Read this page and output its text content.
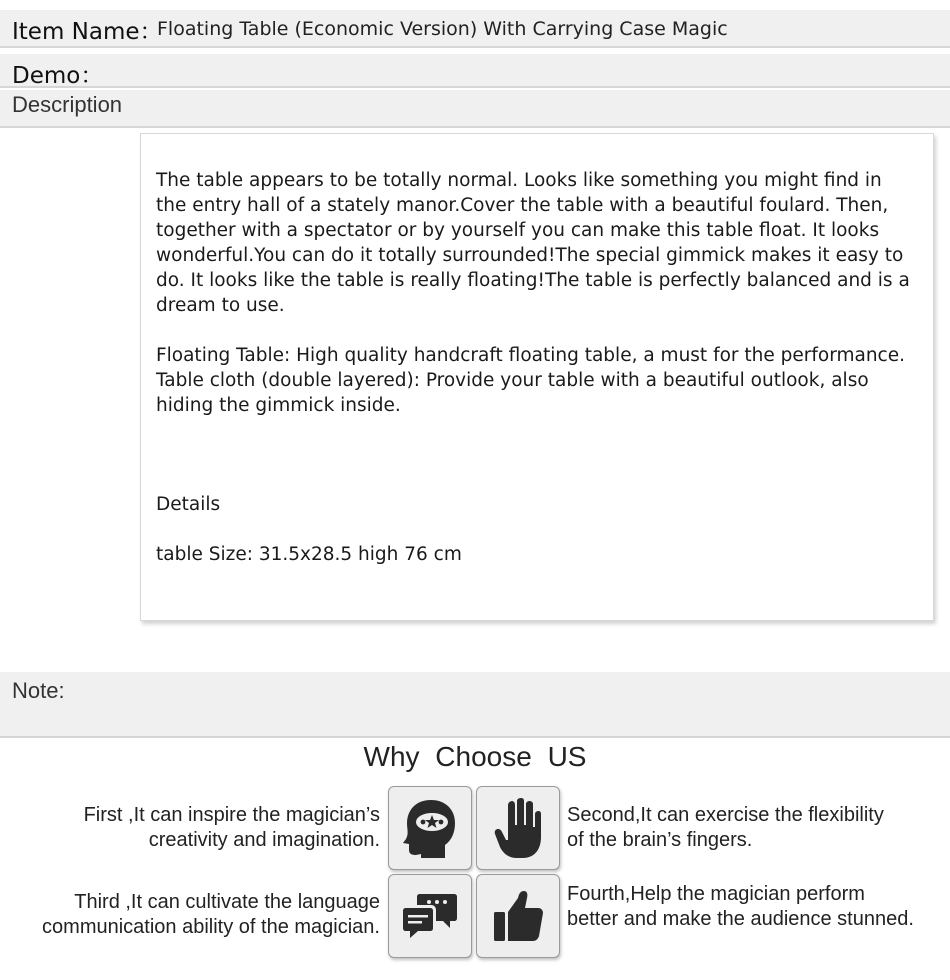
Item Name：
Floating Table (Economic Version) With Carrying Case Magic
Demo：
Description

The table appears to be totally normal. Looks like something you might find in the entry hall of a stately manor.Cover the table with a beautiful foulard. Then, together with a spectator or by yourself you can make this table float. It looks wonderful.You can do it totally surrounded!The special gimmick makes it easy to do. It looks like the table is really floating!The table is perfectly balanced and is a dream to use.

Floating Table: High quality handcraft floating table, a must for the performance. Table cloth (double layered): Provide your table with a beautiful outlook, also hiding the gimmick inside.

Details

table Size: 31.5x28.5 high 76 cm

Note:
Why Choose US
First ,It can inspire the magician’s
creativity and imagination.
Second,It can exercise the flexibility
of the brain’s fingers.
Third ,It can cultivate the language
communication ability of the magician.
Fourth,Help the magician perform
better and make the audience stunned.
